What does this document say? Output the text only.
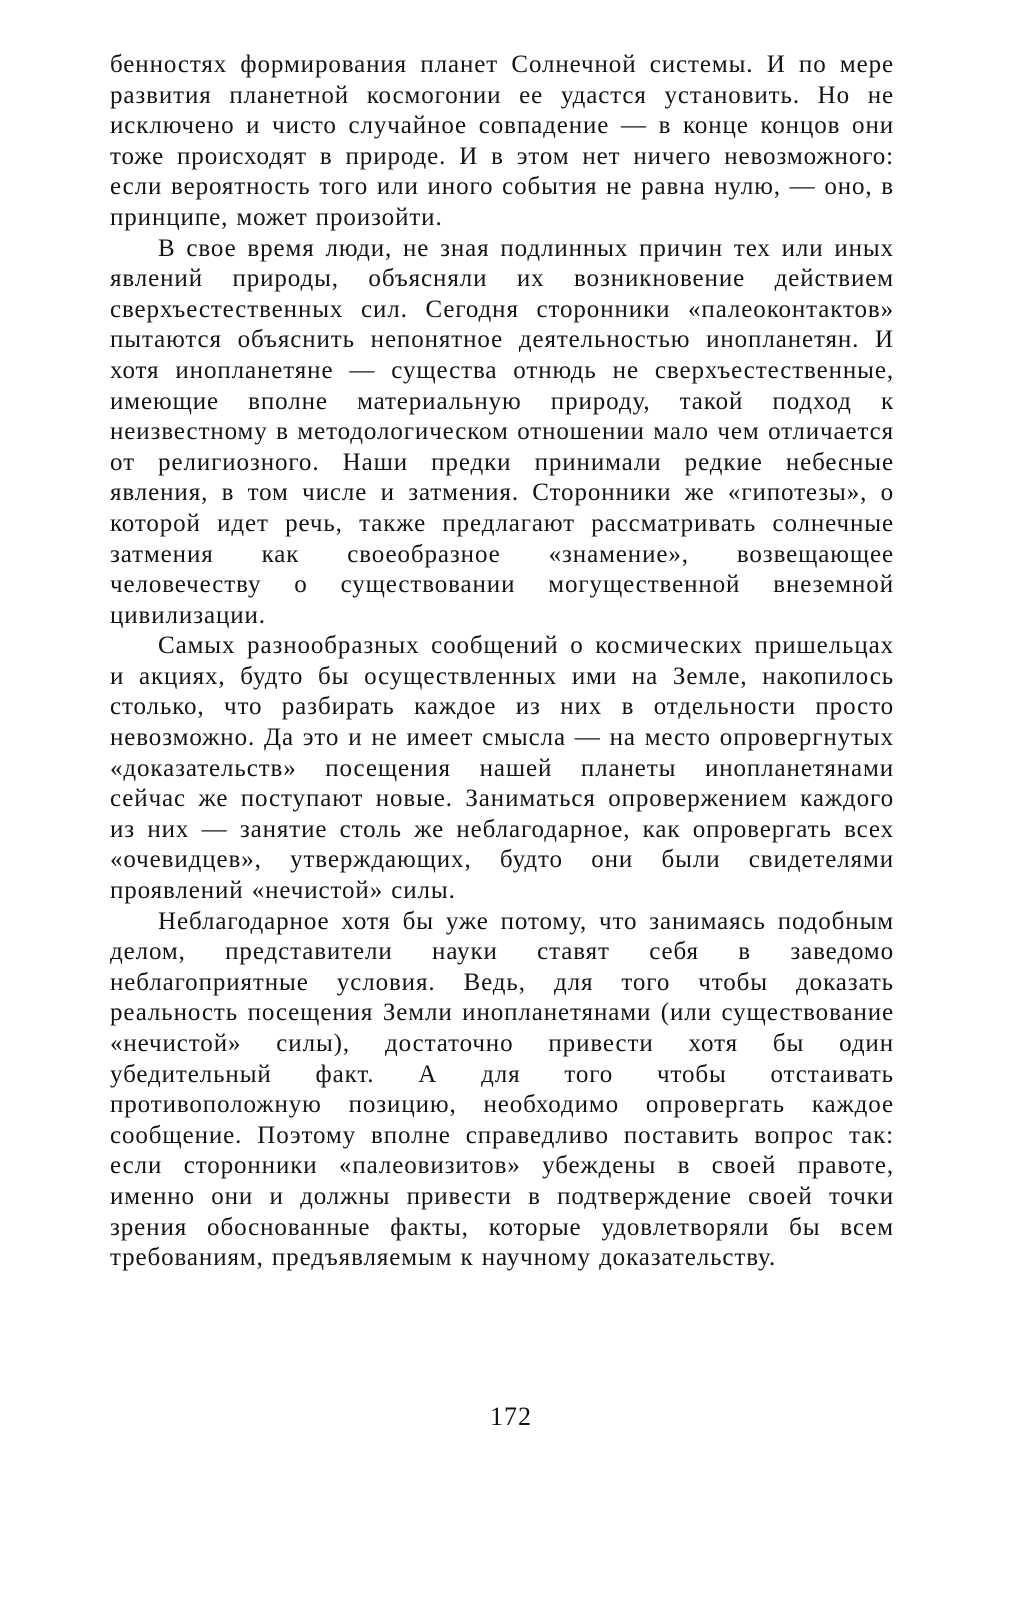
бенностях формирования планет Солнечной системы. И по мере развития планетной космогонии ее удастся установить. Но не исключено и чисто случайное совпадение — в конце концов они тоже происходят в природе. И в этом нет ничего невозможного: если вероятность того или иного события не равна нулю, — оно, в принципе, может произойти.

В свое время люди, не зная подлинных причин тех или иных явлений природы, объясняли их возникновение действием сверхъестественных сил. Сегодня сторонники «палеоконтактов» пытаются объяснить непонятное деятельностью инопланетян. И хотя инопланетяне — существа отнюдь не сверхъестественные, имеющие вполне материальную природу, такой подход к неизвестному в методологическом отношении мало чем отличается от религиозного. Наши предки принимали редкие небесные явления, в том числе и затмения. Сторонники же «гипотезы», о которой идет речь, также предлагают рассматривать солнечные затмения как своеобразное «знамение», возвещающее человечеству о существовании могущественной внеземной цивилизации.

Самых разнообразных сообщений о космических пришельцах и акциях, будто бы осуществленных ими на Земле, накопилось столько, что разбирать каждое из них в отдельности просто невозможно. Да это и не имеет смысла — на место опровергнутых «доказательств» посещения нашей планеты инопланетянами сейчас же поступают новые. Заниматься опровержением каждого из них — занятие столь же неблагодарное, как опровергать всех «очевидцев», утверждающих, будто они были свидетелями проявлений «нечистой» силы.

Неблагодарное хотя бы уже потому, что занимаясь подобным делом, представители науки ставят себя в заведомо неблагоприятные условия. Ведь, для того чтобы доказать реальность посещения Земли инопланетянами (или существование «нечистой» силы), достаточно привести хотя бы один убедительный факт. А для того чтобы отстаивать противоположную позицию, необходимо опровергать каждое сообщение. Поэтому вполне справедливо поставить вопрос так: если сторонники «палеовизитов» убеждены в своей правоте, именно они и должны привести в подтверждение своей точки зрения обоснованные факты, которые удовлетворяли бы всем требованиям, предъявляемым к научному доказательству.

172
